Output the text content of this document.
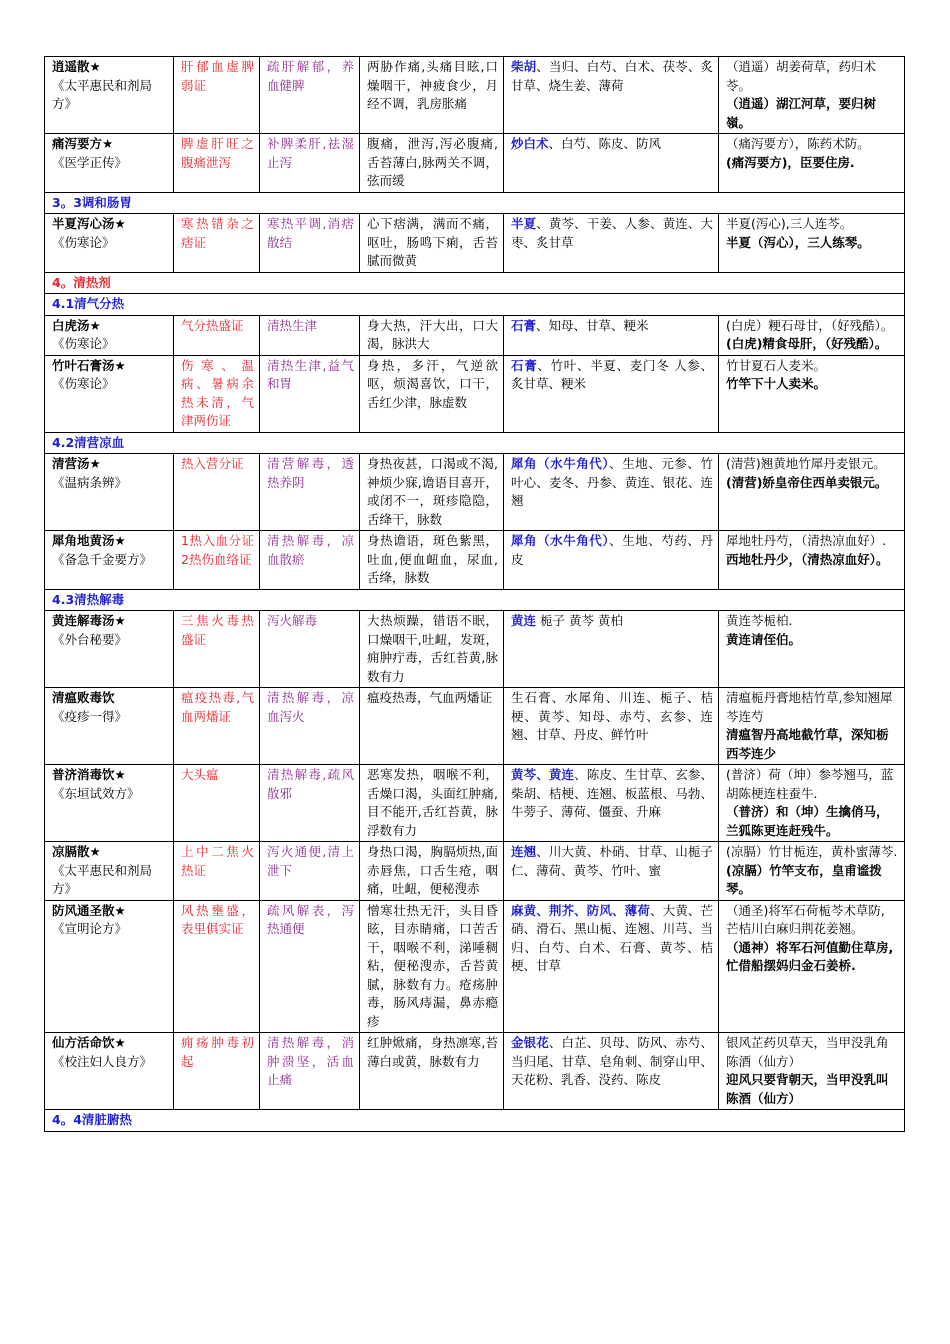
逍遥散★
《太平惠民和剂局方》	肝郁血虚脾弱证	疏肝解郁，养血健脾	两胁作痛,头痛目眩,口燥咽干，神疲食少，月经不调，乳房胀痛	柴胡、当归、白芍、白术、茯苓、炙甘草、烧生姜、薄荷	（逍遥）胡姜荷草，药归术苓。
（逍遥）湖江河草，要归树嶺。

痛泻要方★
《医学正传》	脾虚肝旺之腹痛泄泻	补脾柔肝,祛湿止泻	腹痛，泄泻,泻必腹痛,舌苔薄白,脉两关不调，弦而缓	炒白术、白芍、陈皮、防风	（痛泻要方），陈药术防。
(痛泻要方)，臣要住房.

3。3调和肠胃					

半夏泻心汤★
《伤寒论》	寒热错杂之痞证	寒热平调,消痞散结	心下痞满，满而不痛，呕吐，肠鸣下痢，舌苔腻而微黄	半夏、黄芩、干姜、人参、黄连、大枣、炙甘草	半夏(泻心),三人连芩。
半夏（泻心），三人练琴。

4。清热剂					
4.1清气分热					

白虎汤★
《伤寒论》	气分热盛证	清热生津	身大热，汗大出，口大渴，脉洪大	石膏、知母、甘草、粳米	(白虎）粳石母甘，（好残酷）。
(白虎)精食母肝，（好残酷）。

竹叶石膏汤★
《伤寒论》	伤寒、温病、暑病余热未清，气津两伤证	清热生津,益气和胃	身热，多汗，气逆欲呕，烦渴喜饮，口干，舌红少津，脉虚数	石膏、竹叶、半夏、麦门冬 人参、炙甘草、粳米	竹甘夏石人麦米。
竹竿下十人卖米。

4.2清营凉血					

清营汤★
《温病条辨》	热入营分证	清营解毒，透热养阴	身热夜甚，口渴或不渴,神烦少寐,谵语目喜开，或闭不一，斑疹隐隐，舌绛干，脉数	犀角（水牛角代）、生地、元参、竹叶心、麦冬、丹参、黄连、银花、连翘	(清营)翘黄地竹犀丹麦银元。
(清营)娇皇帝住西单卖银元。

犀角地黄汤★
《备急千金要方》	1热入血分证 2热伤血络证	清热解毒，凉血散瘀	身热谵语，斑色紫黑，吐血,便血衄血，尿血,舌绛，脉数	犀角（水牛角代）、生地、芍药、丹皮	犀地牡丹芍，（清热凉血好）.
西地牡丹少，（清热凉血好）。

4.3清热解毒					

黄连解毒汤★
《外台秘要》	三焦火毒热盛证	泻火解毒	大热烦躁，错语不眠，口燥咽干,吐衄，发斑，痈肿疔毒，舌红苔黄,脉数有力	黄连 栀子 黄芩 黄柏	黄连芩栀柏.
黄连请侄伯。

清瘟败毒饮
《疫疹一得》	瘟疫热毒,气血两燔证	清热解毒，凉血泻火	瘟疫热毒，气血两燔证	生石膏、水犀角、川连、栀子、桔梗、黄芩、知母、赤芍、玄参、连翘、甘草、丹皮、鲜竹叶	清瘟栀丹膏地桔竹草,参知翘犀芩连芍
清瘟智丹高地截竹草，深知栃西芩连少

普济消毒饮★
《东垣试效方》	大头瘟	清热解毒,疏风散邪	恶寒发热，咽喉不利，舌燥口渴，头面红肿痛,目不能开,舌红苔黄，脉浮数有力	黄芩、黄连、陈皮、生甘草、玄参、柴胡、桔梗、连翘、板蓝根、马勃、牛蒡子、薄荷、僵蚕、升麻	(普济）荷（坤）参芩翘马，蓝胡陈梗连柱蚕牛.
（普济）和（坤）生擒俏马，兰狐陈更连赶残牛。

凉膈散★
《太平惠民和剂局方》	上中二焦火热证	泻火通便,清上泄下	身热口渴，胸膈烦热,面赤唇焦，口舌生疮，咽痛，吐衄，便秘溲赤	连翘、川大黄、朴硝、甘草、山栀子仁、薄荷、黄芩、竹叶、蜜	(凉膈）竹甘栀连，黄朴蜜薄芩.
(凉膈）竹竿支布，皇甫谧拨琴。

防风通圣散★
《宣明论方》	风热壅盛，表里俱实证	疏风解表，泻热通便	憎寒壮热无汗，头目昏眩，目赤睛痛，口苦舌干，咽喉不利，涕唾稠粘，便秘溲赤，舌苔黄腻，脉数有力。疮疡肿毒，肠风痔漏，鼻赤瘾疹	麻黄、荆芥、防风、薄荷、大黄、芒硝、滑石、黑山栀、连翘、川芎、当归、白芍、白术、石膏、黄芩、桔梗、甘草	（通圣)将军石荷栀芩术草防,
芒桔川白麻归荆花姜翘。
（通神）将军石河值勤住草房,
忙借船摆妈归金石姜桥.

仙方活命饮★
《校注妇人良方》	痈疡肿毒初起	清热解毒，消肿溃坚，活血止痛	红肿焮痛，身热凛寒,苔薄白或黄，脉数有力	金银花、白芷、贝母、防风、赤芍、当归尾、甘草、皂角刺、制穿山甲、天花粉、乳香、没药、陈皮	银风芷药贝草天，当甲没乳角陈酒（仙方）
迎风只要背朝天，当甲没乳叫陈酒（仙方）

4。4清脏腑热					
